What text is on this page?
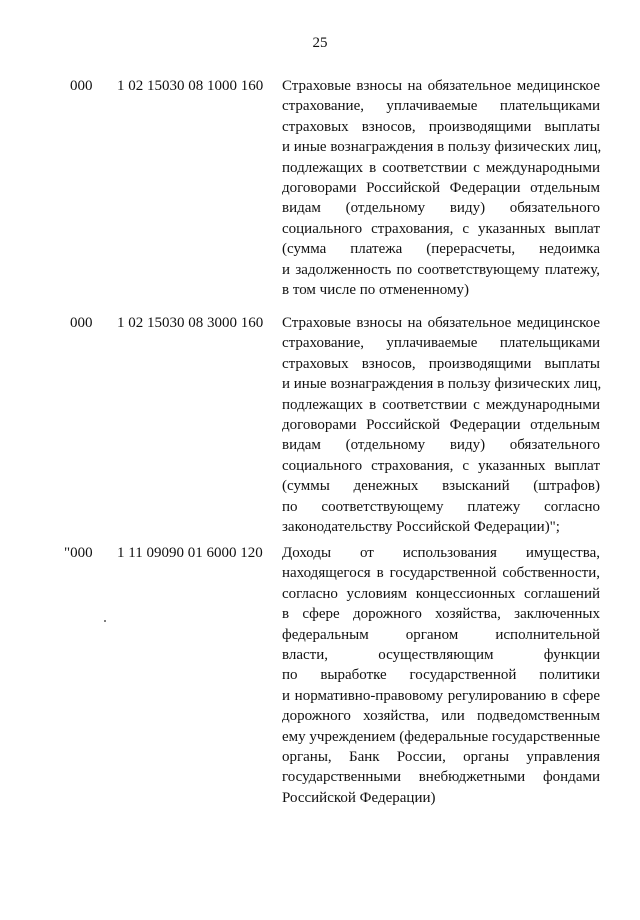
25
000 1 02 15030 08 1000 160 Страховые взносы на обязательное медицинское
страхование, уплачиваемые плательщиками
страховых взносов, производящими выплаты
и иные вознаграждения в пользу физических лиц,
подлежащих в соответствии с международными
договорами Российской Федерации отдельным
видам (отдельному виду) обязательного
социального страхования, с указанных выплат
(сумма платежа (перерасчеты, недоимка
и задолженность по соответствующему платежу,
в том числе по отмененному)
000 1 02 15030 08 3000 160 Страховые взносы на обязательное медицинское
страхование, уплачиваемые плательщиками
страховых взносов, производящими выплаты
и иные вознаграждения в пользу физических лиц,
подлежащих в соответствии с международными
договорами Российской Федерации отдельным
видам (отдельному виду) обязательного
социального страхования, с указанных выплат
(суммы денежных взысканий (штрафов)
по соответствующему платежу согласно
законодательству Российской Федерации)";
"000 1 11 09090 01 6000 120 Доходы от использования имущества,
находящегося в государственной собственности,
согласно условиям концессионных соглашений
в сфере дорожного хозяйства, заключенных
федеральным органом исполнительной
власти, осуществляющим функции
по выработке государственной политики
и нормативно-правовому регулированию в сфере
дорожного хозяйства, или подведомственным
ему учреждением (федеральные государственные
органы, Банк России, органы управления
государственными внебюджетными фондами
Российской Федерации)
